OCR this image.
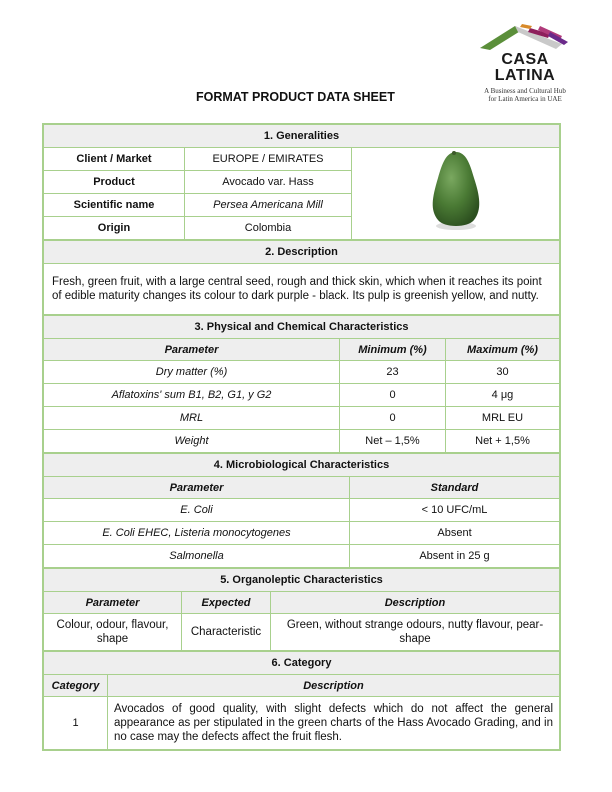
CASA
LATINA
A Business and Cultural Hub
for Latin America in UAE
FORMAT PRODUCT DATA SHEET
1. Generalities		
Client / Market	EUROPE / EMIRATES	
Product	Avocado var. Hass	
Scientific name	Persea Americana Mill	
Origin	Colombia	
2. Description
Fresh, green fruit, with a large central seed, rough and thick skin, which when it reaches its point of edible maturity changes its colour to dark purple - black. Its pulp is greenish yellow, and nutty.
3. Physical and Chemical Characteristics		
Parameter	Minimum (%)	Maximum (%)
Dry matter (%)	23	30
Aflatoxins' sum B1, B2, G1, y G2	0	4 μg
MRL	0	MRL EU
Weight	Net – 1,5%	Net + 1,5%
4. Microbiological Characteristics	
Parameter	Standard
E. Coli	< 10 UFC/mL
E. Coli EHEC, Listeria monocytogenes	Absent
Salmonella	Absent in 25 g
5. Organoleptic Characteristics		
Parameter	Expected	Description
Colour, odour, flavour, shape	Characteristic	Green, without strange odours, nutty flavour, pear-shape
6. Category	
Category	Description
1	Avocados of good quality, with slight defects which do not affect the general appearance as per stipulated in the green charts of the Hass Avocado Grading, and in no case may the defects affect the fruit flesh.
